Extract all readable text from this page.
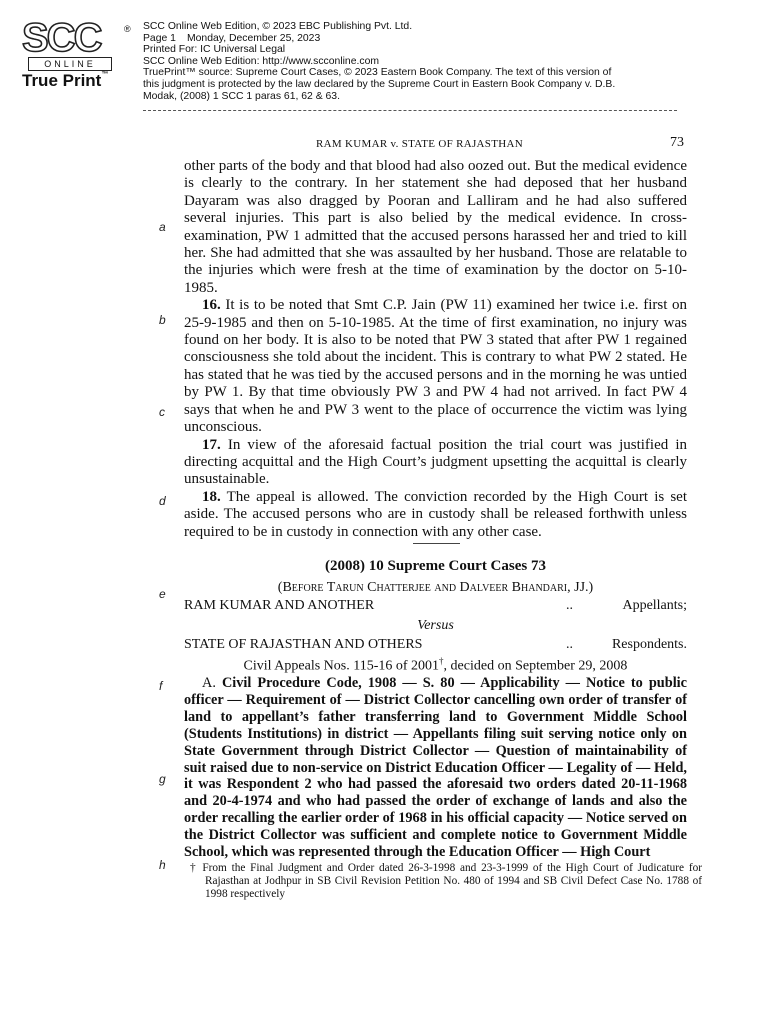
SCC	®
ONLINE
True Print™
SCC Online Web Edition, © 2023 EBC Publishing Pvt. Ltd.
Page 1 Monday, December 25, 2023
Printed For: IC Universal Legal
SCC Online Web Edition: http://www.scconline.com
TruePrint™ source: Supreme Court Cases, © 2023 Eastern Book Company. The text of this version of
this judgment is protected by the law declared by the Supreme Court in Eastern Book Company v. D.B.
Modak, (2008) 1 SCC 1 paras 61, 62 & 63.
RAM KUMAR v. STATE OF RAJASTHAN	73
a
b
c
d
e
f
g
h

other parts of the body and that blood had also oozed out. But the medical evidence is clearly to the contrary. In her statement she had deposed that her husband Dayaram was also dragged by Pooran and Lalliram and he had also suffered several injuries. This part is also belied by the medical evidence. In cross-examination, PW 1 admitted that the accused persons harassed her and tried to kill her. She had admitted that she was assaulted by her husband. Those are relatable to the injuries which were fresh at the time of examination by the doctor on 5-10-1985.

16. It is to be noted that Smt C.P. Jain (PW 11) examined her twice i.e. first on 25-9-1985 and then on 5-10-1985. At the time of first examination, no injury was found on her body. It is also to be noted that PW 3 stated that after PW 1 regained consciousness she told about the incident. This is contrary to what PW 2 stated. He has stated that he was tied by the accused persons and in the morning he was untied by PW 1. By that time obviously PW 3 and PW 4 had not arrived. In fact PW 4 says that when he and PW 3 went to the place of occurrence the victim was lying unconscious.

17. In view of the aforesaid factual position the trial court was justified in directing acquittal and the High Court’s judgment upsetting the acquittal is clearly unsustainable.

18. The appeal is allowed. The conviction recorded by the High Court is set aside. The accused persons who are in custody shall be released forthwith unless required to be in custody in connection with any other case.

(2008) 10 Supreme Court Cases 73
(Before Tarun Chatterjee and Dalveer Bhandari, JJ.)
RAM KUMAR AND ANOTHER	..	Appellants;
Versus
STATE OF RAJASTHAN AND OTHERS	..	Respondents.
Civil Appeals Nos. 115-16 of 2001†, decided on September 29, 2008

A. Civil Procedure Code, 1908 — S. 80 — Applicability — Notice to public officer — Requirement of — District Collector cancelling own order of transfer of land to appellant’s father transferring land to Government Middle School (Students Institutions) in district — Appellants filing suit serving notice only on State Government through District Collector — Question of maintainability of suit raised due to non-service on District Education Officer — Legality of — Held, it was Respondent 2 who had passed the aforesaid two orders dated 20-11-1968 and 20-4-1974 and who had passed the order of exchange of lands and also the order recalling the earlier order of 1968 in his official capacity — Notice served on the District Collector was sufficient and complete notice to Government Middle School, which was represented through the Education Officer — High Court

† From the Final Judgment and Order dated 26-3-1998 and 23-3-1999 of the High Court of Judicature for Rajasthan at Jodhpur in SB Civil Revision Petition No. 480 of 1994 and SB Civil Defect Case No. 1788 of 1998 respectively
